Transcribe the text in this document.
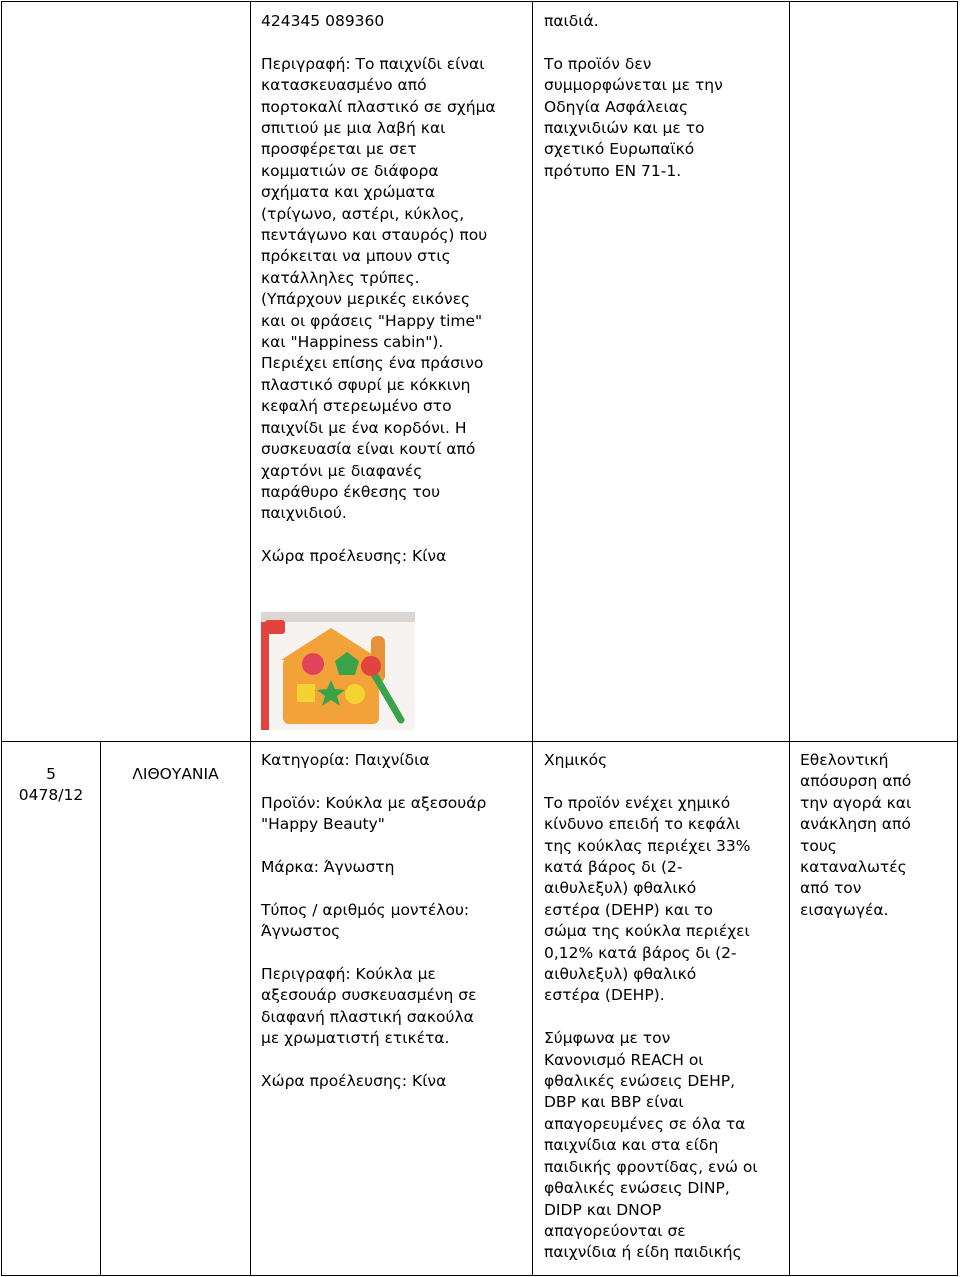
424345 089360

Περιγραφή: Το παιχνίδι είναι

κατασκευασμένο από

πορτοκαλί πλαστικό σε σχήμα

σπιτιού με μια λαβή και

προσφέρεται με σετ

κομματιών σε διάφορα

σχήματα και χρώματα

(τρίγωνο, αστέρι, κύκλος,

πεντάγωνο και σταυρός) που

πρόκειται να μπουν στις

κατάλληλες τρύπες.

(Υπάρχουν μερικές εικόνες

και οι φράσεις "Happy time"

και "Happiness cabin").

Περιέχει επίσης ένα πράσινο

πλαστικό σφυρί με κόκκινη

κεφαλή στερεωμένο στο

παιχνίδι με ένα κορδόνι. Η

συσκευασία είναι κουτί από

χαρτόνι με διαφανές

παράθυρο έκθεσης του

παιχνιδιού.

Χώρα προέλευσης: Κίνα

παιδιά.

Το προϊόν δεν

συμμορφώνεται με την

Οδηγία Ασφάλειας

παιχνιδιών και με το

σχετικό Ευρωπαϊκό

πρότυπο ΕΝ 71-1.

5

0478/12

ΛΙΘΟΥΑΝΙΑ

Κατηγορία: Παιχνίδια

Προϊόν: Κούκλα με αξεσουάρ

"Happy Beauty"

Μάρκα: Άγνωστη

Τύπος / αριθμός μοντέλου:

Άγνωστος

Περιγραφή: Κούκλα με

αξεσουάρ συσκευασμένη σε

διαφανή πλαστική σακούλα

με χρωματιστή ετικέτα.

Χώρα προέλευσης: Κίνα

Χημικός

Το προϊόν ενέχει χημικό

κίνδυνο επειδή το κεφάλι

της κούκλας περιέχει 33%

κατά βάρος δι (2-

αιθυλεξυλ) φθαλικό

εστέρα (DEHP) και το

σώμα της κούκλα περιέχει

0,12% κατά βάρος δι (2-

αιθυλεξυλ) φθαλικό

εστέρα (DEHP).

Σύμφωνα με τον

Κανονισμό REACH οι

φθαλικές ενώσεις DEHP,

DBP και BBP είναι

απαγορευμένες σε όλα τα

παιχνίδια και στα είδη

παιδικής φροντίδας, ενώ οι

φθαλικές ενώσεις DINP,

DIDP και DNOP

απαγορεύονται σε

παιχνίδια ή είδη παιδικής

Εθελοντική

απόσυρση από

την αγορά και

ανάκληση από

τους

καταναλωτές

από τον

εισαγωγέα.
